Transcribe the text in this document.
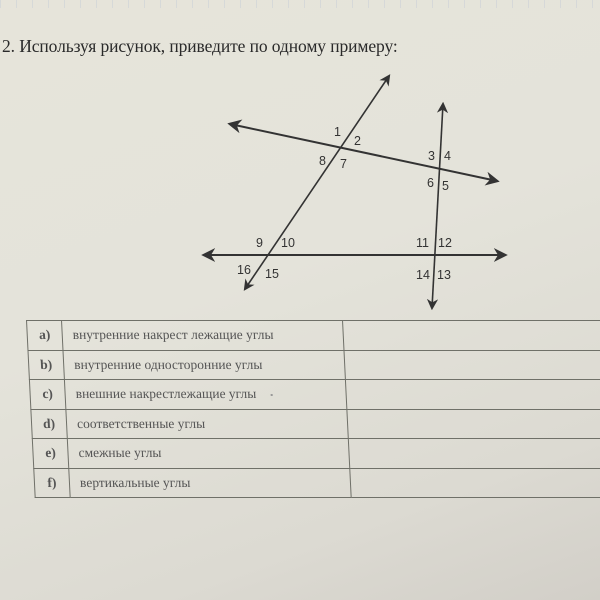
2. Используя рисунок, приведите по одному примеру:
1
2
7
8	3 4
5
6
9 10
15
16
11 12
13
14
a)	внутренние накрест лежащие углы	
b)	внутренние односторонние углы	
c)	внешние накрестлежащие углы	
d)	соответственные углы	
e)	смежные углы	
f)	вертикальные углы	
